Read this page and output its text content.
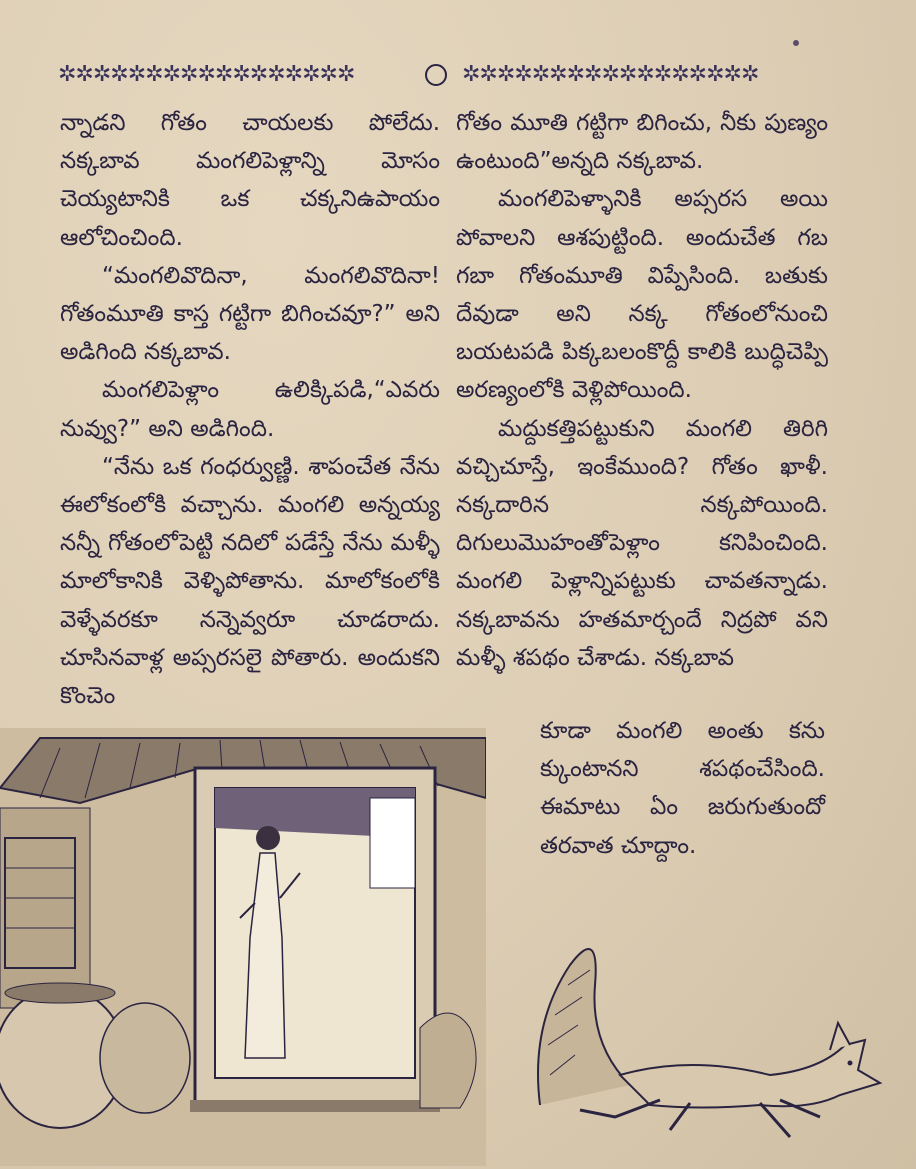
✲✲✲✲✲✲✲✲✲✲✲✲✲✲✲✲✲	✲✲✲✲✲✲✲✲✲✲✲✲✲✲✲✲✲

న్నాడని గోతం చాయలకు పోలేదు. నక్కబావ మంగలిపెళ్లాన్ని మోసం చెయ్యటానికి ఒక చక్కనిఉపాయం ఆలోచించింది.

“మంగలివొదినా, మంగలివొదినా! గోతంమూతి కాస్త గట్టిగా బిగించవూ?” అని అడిగింది నక్కబావ.

మంగలిపెళ్లాం ఉలిక్కిపడి,“ఎవరు నువ్వు?” అని అడిగింది.

“నేను ఒక గంధర్వుణ్ణి. శాపంచేత నేను ఈలోకంలోకి వచ్చాను. మంగలి అన్నయ్య నన్నీ గోతంలోపెట్టి నదిలో పడేస్తే నేను మళ్ళీ మాలోకానికి వెళ్ళిపోతాను. మాలోకంలోకి వెళ్ళేవరకూ నన్నెవ్వరూ చూడరాదు. చూసినవాళ్ల అప్సరసలై పోతారు. అందుకని కొంచెం

గోతం మూతి గట్టిగా బిగించు, నీకు పుణ్యం ఉంటుంది”అన్నది నక్కబావ.

మంగలిపెళ్ళానికి అప్సరస అయి పోవాలని ఆశపుట్టింది. అందుచేత గబ గబా గోతంమూతి విప్పేసింది. బతుకు దేవుడా అని నక్క గోతంలోనుంచి బయటపడి పిక్కబలంకొద్దీ కాలికి బుద్ధిచెప్పి అరణ్యంలోకి వెళ్లిపోయింది.

మద్దుకత్తిపట్టుకుని మంగలి తిరిగి వచ్చిచూస్తే, ఇంకేముంది? గోతం ఖాళీ. నక్కదారిన నక్కపోయింది. దిగులుమొహంతోపెళ్లాం కనిపించింది. మంగలి పెళ్లాన్నిపట్టుకు చావతన్నాడు. నక్కబావను హతమార్చందే నిద్రపో వని మళ్ళీ శపథం చేశాడు. నక్కబావ

కూడా మంగలి అంతు కను క్కుంటానని శపథంచేసింది. ఈమాటు ఏం జరుగుతుందో తరవాత చూద్దాం.
